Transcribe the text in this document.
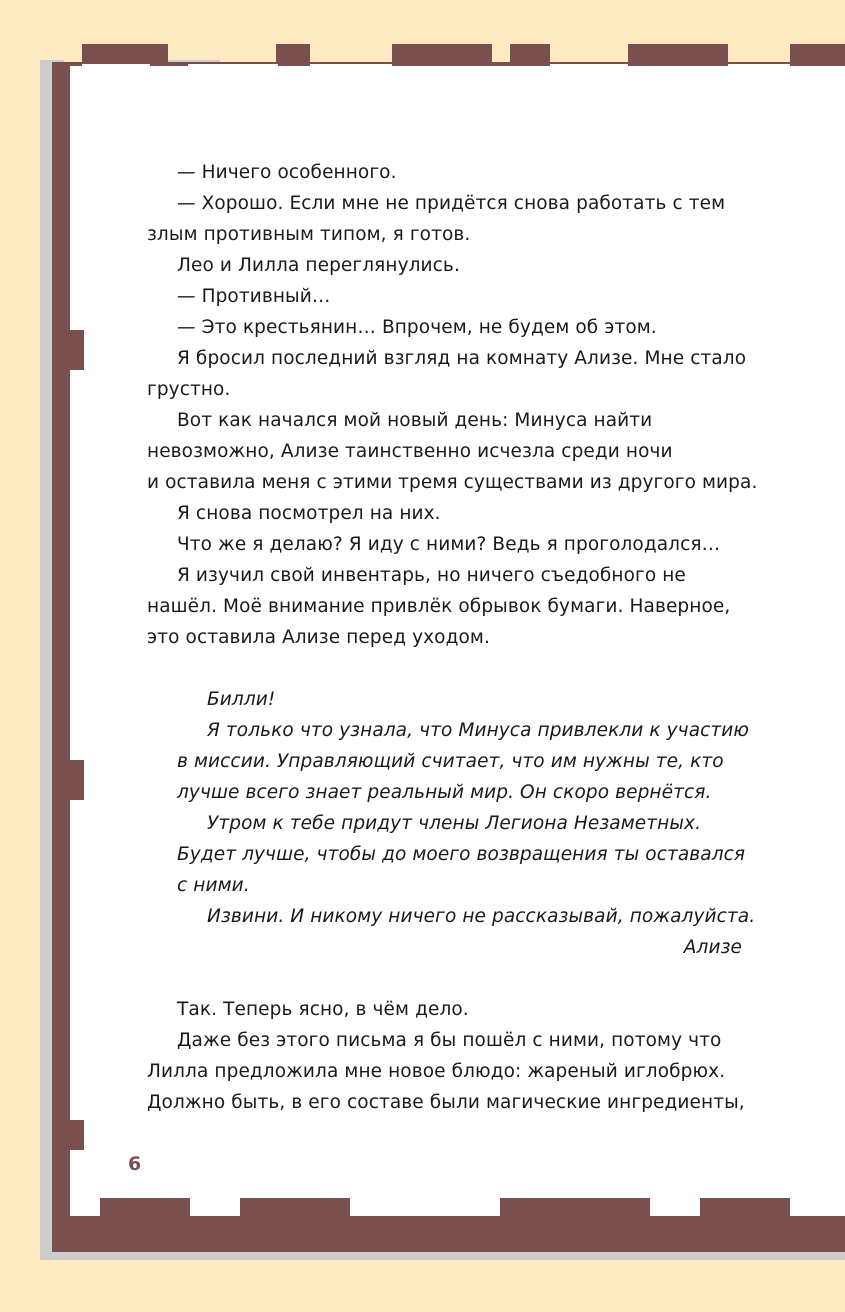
— Ничего особенного.
— Хорошо. Если мне не придётся снова работать с тем
злым противным типом, я готов.
Лео и Лилла переглянулись.
— Противный…
— Это крестьянин… Впрочем, не будем об этом.
Я бросил последний взгляд на комнату Ализе. Мне стало
грустно.
Вот как начался мой новый день: Минуса найти
невозможно, Ализе таинственно исчезла среди ночи
и оставила меня с этими тремя существами из другого мира.
Я снова посмотрел на них.
Что же я делаю? Я иду с ними? Ведь я проголодался…
Я изучил свой инвентарь, но ничего съедобного не
нашёл. Моё внимание привлёк обрывок бумаги. Наверное,
это оставила Ализе перед уходом.
Билли!
Я только что узнала, что Минуса привлекли к участию
в миссии. Управляющий считает, что им нужны те, кто
лучше всего знает реальный мир. Он скоро вернётся.
Утром к тебе придут члены Легиона Незаметных.
Будет лучше, чтобы до моего возвращения ты оставался
с ними.
Извини. И никому ничего не рассказывай, пожалуйста.
Ализе
Так. Теперь ясно, в чём дело.
Даже без этого письма я бы пошёл с ними, потому что
Лилла предложила мне новое блюдо: жареный иглобрюх.
Должно быть, в его составе были магические ингредиенты,
6
